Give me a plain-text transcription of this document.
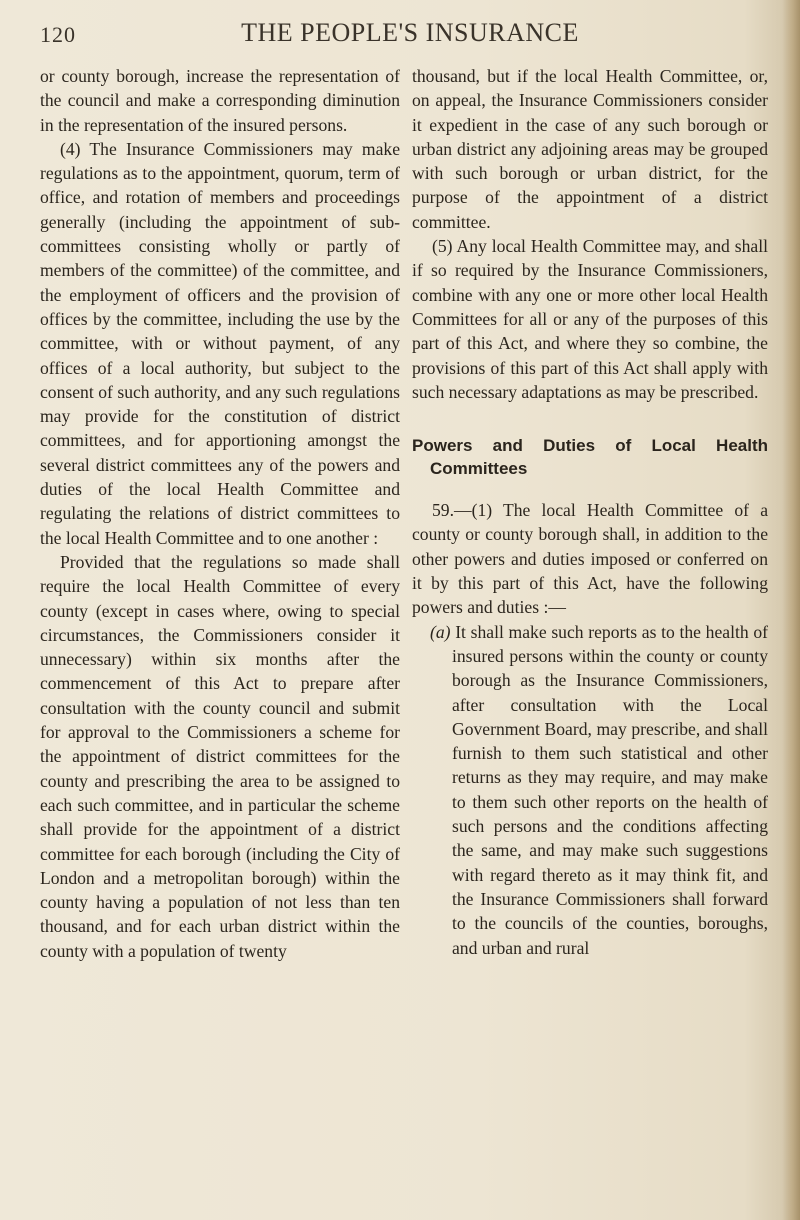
120	THE PEOPLE'S INSURANCE

or county borough, increase the representation of the council and make a corresponding diminution in the representation of the insured persons.

(4) The Insurance Commissioners may make regulations as to the appointment, quorum, term of office, and rotation of members and proceedings generally (including the appointment of sub-committees consisting wholly or partly of members of the committee) of the committee, and the employment of officers and the provision of offices by the committee, including the use by the committee, with or without payment, of any offices of a local authority, but subject to the consent of such authority, and any such regulations may provide for the constitution of district committees, and for apportioning amongst the several district committees any of the powers and duties of the local Health Committee and regulating the relations of district committees to the local Health Committee and to one another :

Provided that the regulations so made shall require the local Health Committee of every county (except in cases where, owing to special circumstances, the Commissioners consider it unnecessary) within six months after the commencement of this Act to prepare after consultation with the county council and submit for approval to the Commissioners a scheme for the appointment of district committees for the county and prescribing the area to be assigned to each such committee, and in particular the scheme shall provide for the appointment of a district committee for each borough (including the City of London and a metropolitan borough) within the county having a population of not less than ten thousand, and for each urban district within the county with a population of twenty

thousand, but if the local Health Committee, or, on appeal, the Insurance Commissioners consider it expedient in the case of any such borough or urban district any adjoining areas may be grouped with such borough or urban district, for the purpose of the appointment of a district committee.

(5) Any local Health Committee may, and shall if so required by the Insurance Commissioners, combine with any one or more other local Health Committees for all or any of the purposes of this part of this Act, and where they so combine, the provisions of this part of this Act shall apply with such necessary adaptations as may be prescribed.

Powers and Duties of Local Health
Committees

59.—(1) The local Health Committee of a county or county borough shall, in addition to the other powers and duties imposed or conferred on it by this part of this Act, have the following powers and duties :—

(a) It shall make such reports as to the health of insured persons within the county or county borough as the Insurance Commissioners, after consultation with the Local Government Board, may prescribe, and shall furnish to them such statistical and other returns as they may require, and may make to them such other reports on the health of such persons and the conditions affecting the same, and may make such suggestions with regard thereto as it may think fit, and the Insurance Commissioners shall forward to the councils of the counties, boroughs, and urban and rural
